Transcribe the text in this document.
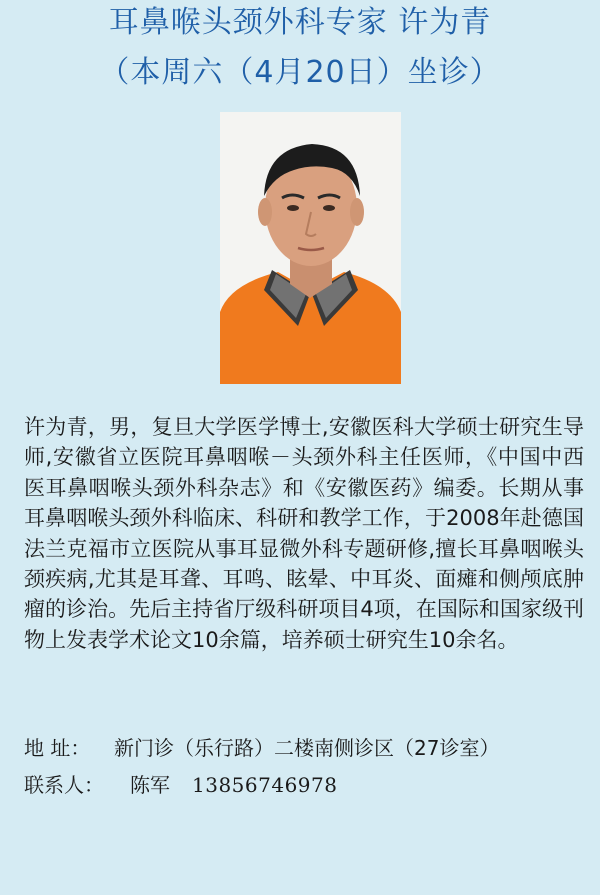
耳鼻喉头颈外科专家 许为青
（本周六（4月20日）坐诊）
许为青，男，复旦大学医学博士,安徽医科大学硕士研究生导师,安徽省立医院耳鼻咽喉－头颈外科主任医师，《中国中西医耳鼻咽喉头颈外科杂志》和《安徽医药》编委。长期从事耳鼻咽喉头颈外科临床、科研和教学工作，于2008年赴德国法兰克福市立医院从事耳显微外科专题研修,擅长耳鼻咽喉头颈疾病,尤其是耳聋、耳鸣、眩晕、中耳炎、面瘫和侧颅底肿瘤的诊治。先后主持省厅级科研项目4项，在国际和国家级刊物上发表学术论文10余篇，培养硕士研究生10余名。
地 址： 新门诊（乐行路）二楼南侧诊区（27诊室）
联系人： 陈军 13856746978
